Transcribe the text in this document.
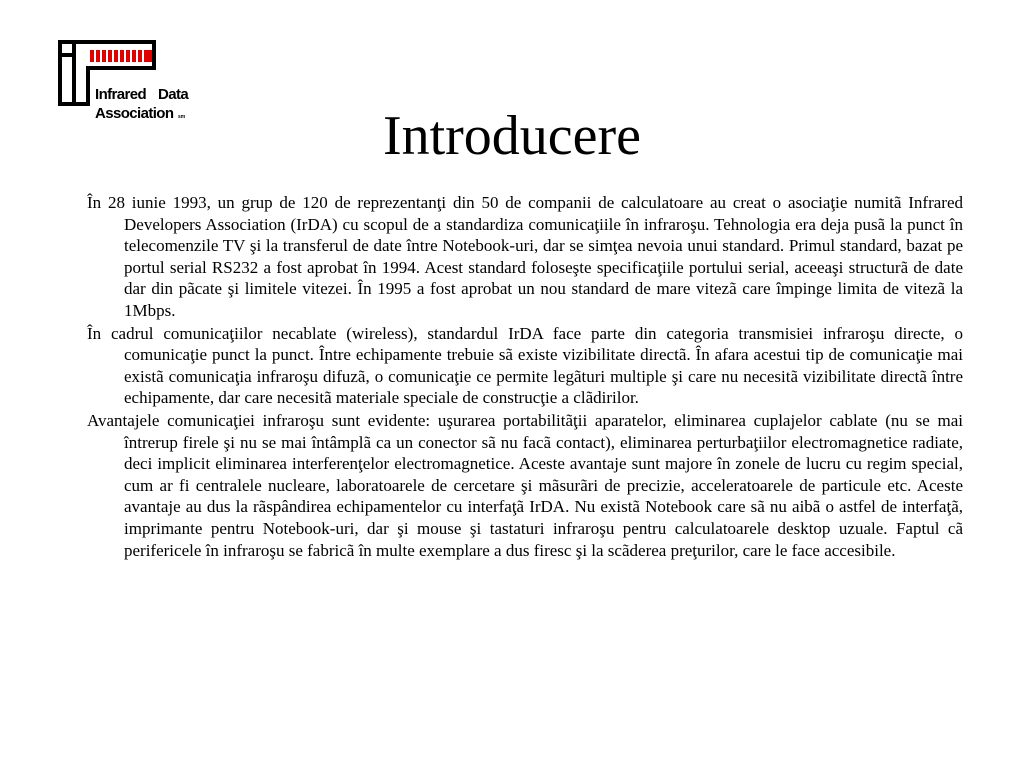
Infrared Data
Association sm	Introducere

În 28 iunie 1993, un grup de 120 de reprezentanţi din 50 de companii de calculatoare au creat o asociaţie numitã Infrared Developers Association (IrDA) cu scopul de a standardiza comunicaţiile în infraroşu. Tehnologia era deja pusã la punct în telecomenzile TV şi la transferul de date între Notebook-uri, dar se simţea nevoia unui standard. Primul standard, bazat pe portul serial RS232 a fost aprobat în 1994. Acest standard foloseşte specificaţiile portului serial, aceeaşi structurã de date dar din pãcate şi limitele vitezei. În 1995 a fost aprobat un nou standard de mare vitezã care împinge limita de vitezã la 1Mbps.

În cadrul comunicaţiilor necablate (wireless), standardul IrDA face parte din categoria transmisiei infraroşu directe, o comunicaţie punct la punct. Între echipamente trebuie sã existe vizibilitate directã. În afara acestui tip de comunicaţie mai existã comunicaţia infraroşu difuzã, o comunicaţie ce permite legãturi multiple şi care nu necesitã vizibilitate directã între echipamente, dar care necesitã materiale speciale de construcţie a clãdirilor.

Avantajele comunicaţiei infraroşu sunt evidente: uşurarea portabilitãţii aparatelor, eliminarea cuplajelor cablate (nu se mai întrerup firele şi nu se mai întâmplã ca un conector sã nu facã contact), eliminarea perturbaţiilor electromagnetice radiate, deci implicit eliminarea interferenţelor electromagnetice. Aceste avantaje sunt majore în zonele de lucru cu regim special, cum ar fi centralele nucleare, laboratoarele de cercetare şi mãsurãri de precizie, acceleratoarele de particule etc. Aceste avantaje au dus la rãspândirea echipamentelor cu interfaţã IrDA. Nu existã Notebook care sã nu aibã o astfel de interfaţã, imprimante pentru Notebook-uri, dar şi mouse şi tastaturi infraroşu pentru calculatoarele desktop uzuale. Faptul cã perifericele în infraroşu se fabricã în multe exemplare a dus firesc şi la scãderea preţurilor, care le face accesibile.
